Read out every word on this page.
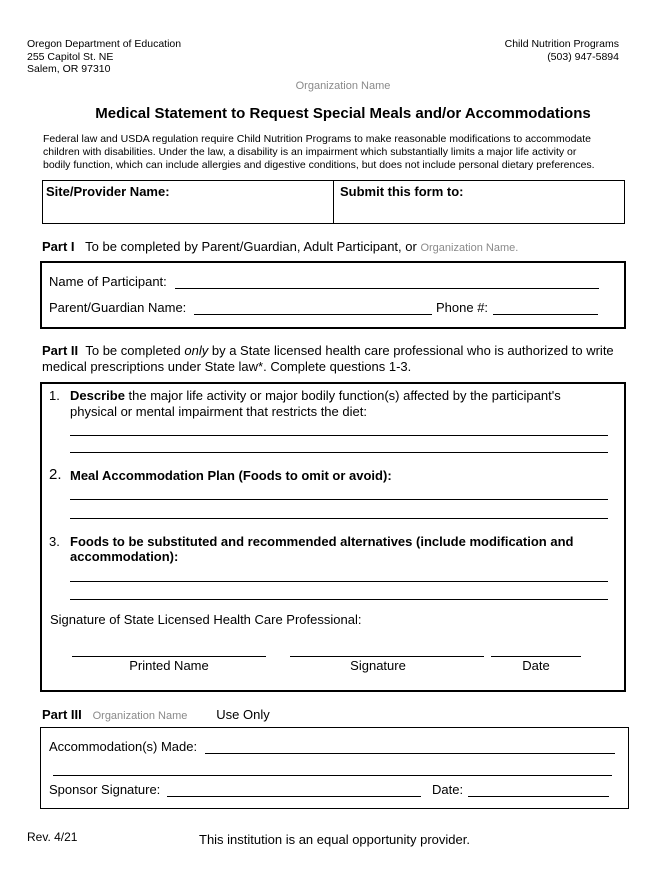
Oregon Department of Education
255 Capitol St. NE
Salem, OR 97310
Child Nutrition Programs
(503) 947-5894
Organization Name
Medical Statement to Request Special Meals and/or Accommodations
Federal law and USDA regulation require Child Nutrition Programs to make reasonable modifications to accommodate
children with disabilities. Under the law, a disability is an impairment which substantially limits a major life activity or
bodily function, which can include allergies and digestive conditions, but does not include personal dietary preferences.
Site/Provider Name:	Submit this form to:
Part I To be completed by Parent/Guardian, Adult Participant, or Organization Name.
Name of Participant:
Parent/Guardian Name:	Phone #:
Part II To be completed only by a State licensed health care professional who is authorized to write
medical prescriptions under State law*. Complete questions 1-3.
1. Describe the major life activity or major bodily function(s) affected by the participant's
physical or mental impairment that restricts the diet:
2. Meal Accommodation Plan (Foods to omit or avoid):
3. Foods to be substituted and recommended alternatives (include modification and
accommodation):
Signature of State Licensed Health Care Professional:
Printed Name	Signature	Date
Part III Organization Name Use Only
Accommodation(s) Made:
Sponsor Signature:	Date:
Rev. 4/21	This institution is an equal opportunity provider.
